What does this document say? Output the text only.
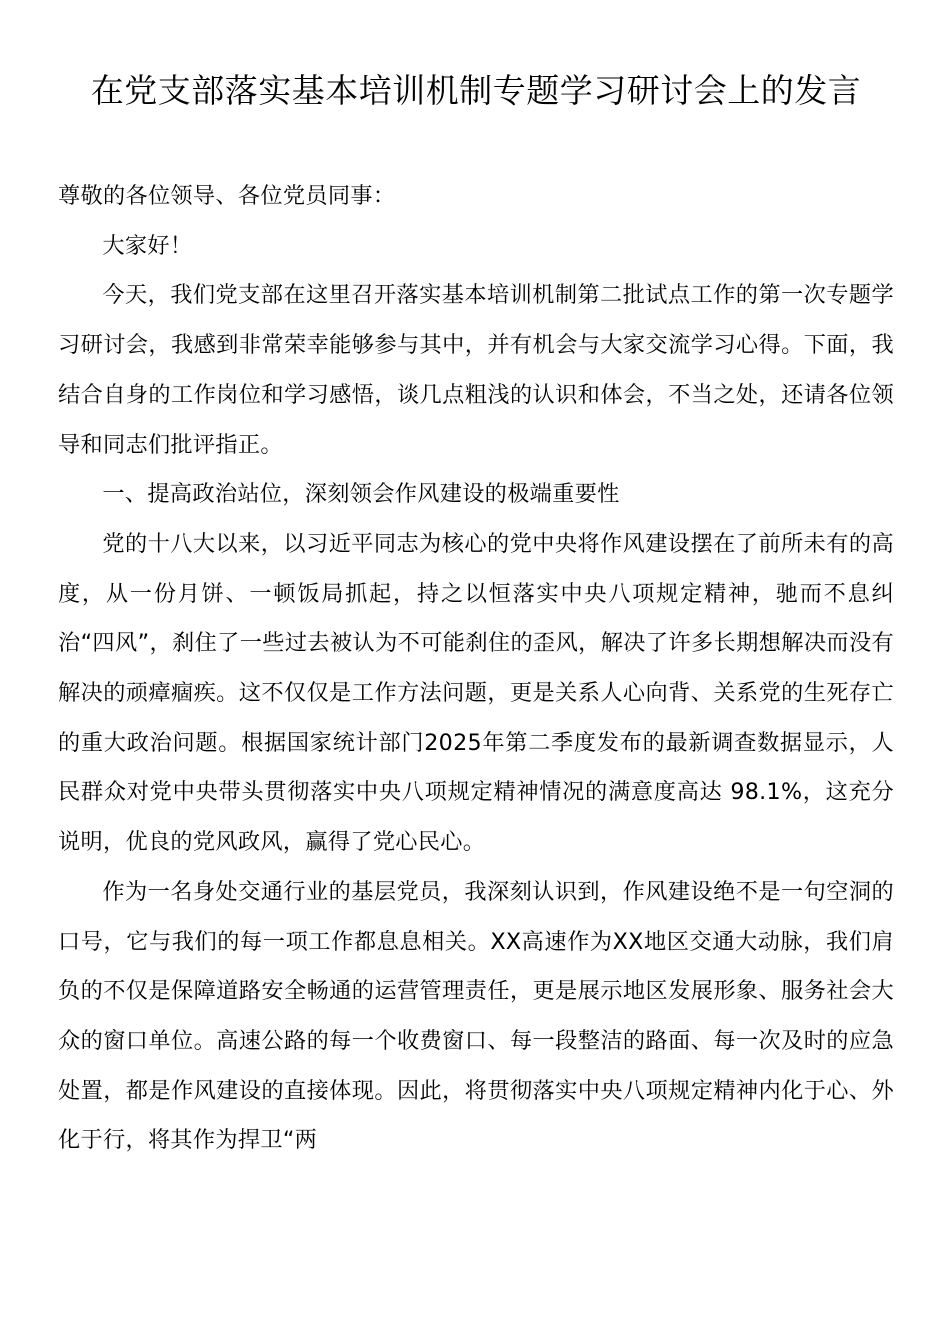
在党支部落实基本培训机制专题学习研讨会上的发言

尊敬的各位领导、各位党员同事：

大家好！

今天，我们党支部在这里召开落实基本培训机制第二批试点工作的第一次专题学习研讨会，我感到非常荣幸能够参与其中，并有机会与大家交流学习心得。下面，我结合自身的工作岗位和学习感悟，谈几点粗浅的认识和体会，不当之处，还请各位领导和同志们批评指正。

一、提高政治站位，深刻领会作风建设的极端重要性

党的十八大以来，以习近平同志为核心的党中央将作风建设摆在了前所未有的高度，从一份月饼、一顿饭局抓起，持之以恒落实中央八项规定精神，驰而不息纠治“四风”，刹住了一些过去被认为不可能刹住的歪风，解决了许多长期想解决而没有解决的顽瘴痼疾。这不仅仅是工作方法问题，更是关系人心向背、关系党的生死存亡的重大政治问题。根据国家统计部门2025年第二季度发布的最新调查数据显示，人民群众对党中央带头贯彻落实中央八项规定精神情况的满意度高达 98.1%，这充分说明，优良的党风政风，赢得了党心民心。

作为一名身处交通行业的基层党员，我深刻认识到，作风建设绝不是一句空洞的口号，它与我们的每一项工作都息息相关。XX高速作为XX地区交通大动脉，我们肩负的不仅是保障道路安全畅通的运营管理责任，更是展示地区发展形象、服务社会大众的窗口单位。高速公路的每一个收费窗口、每一段整洁的路面、每一次及时的应急处置，都是作风建设的直接体现。因此，将贯彻落实中央八项规定精神内化于心、外化于行，将其作为捍卫“两
